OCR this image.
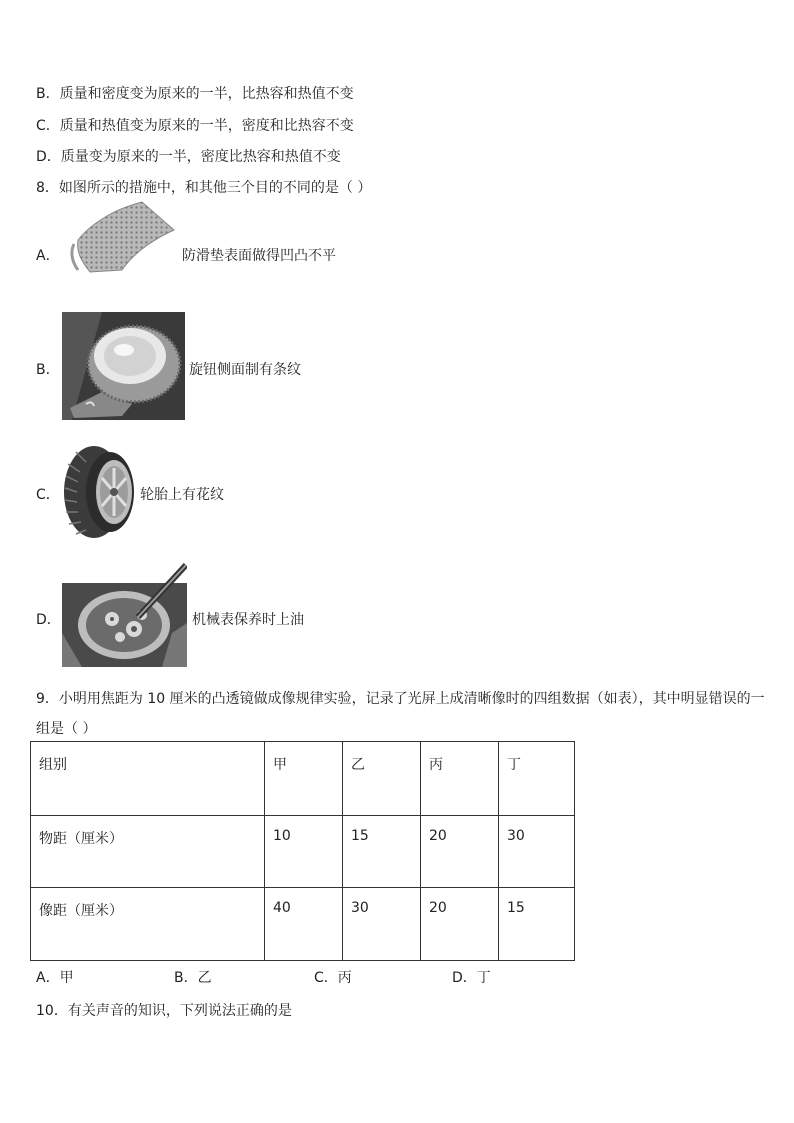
B．质量和密度变为原来的一半，比热容和热值不变
C．质量和热值变为原来的一半，密度和比热容不变
D．质量变为原来的一半，密度比热容和热值不变
8．如图所示的措施中，和其他三个目的不同的是（ ）
A．	防滑垫表面做得凹凸不平
B．	旋钮侧面制有条纹
C．	轮胎上有花纹
D．	机械表保养时上油
9．小明用焦距为 10 厘米的凸透镜做成像规律实验，记录了光屏上成清晰像时的四组数据（如表），其中明显错误的一
组是（ ）
组别	甲	乙	丙	丁
物距（厘米）	10	15	20	30
像距（厘米）	40	30	20	15
A．甲	B．乙	C．丙	D．丁
10．有关声音的知识，下列说法正确的是
